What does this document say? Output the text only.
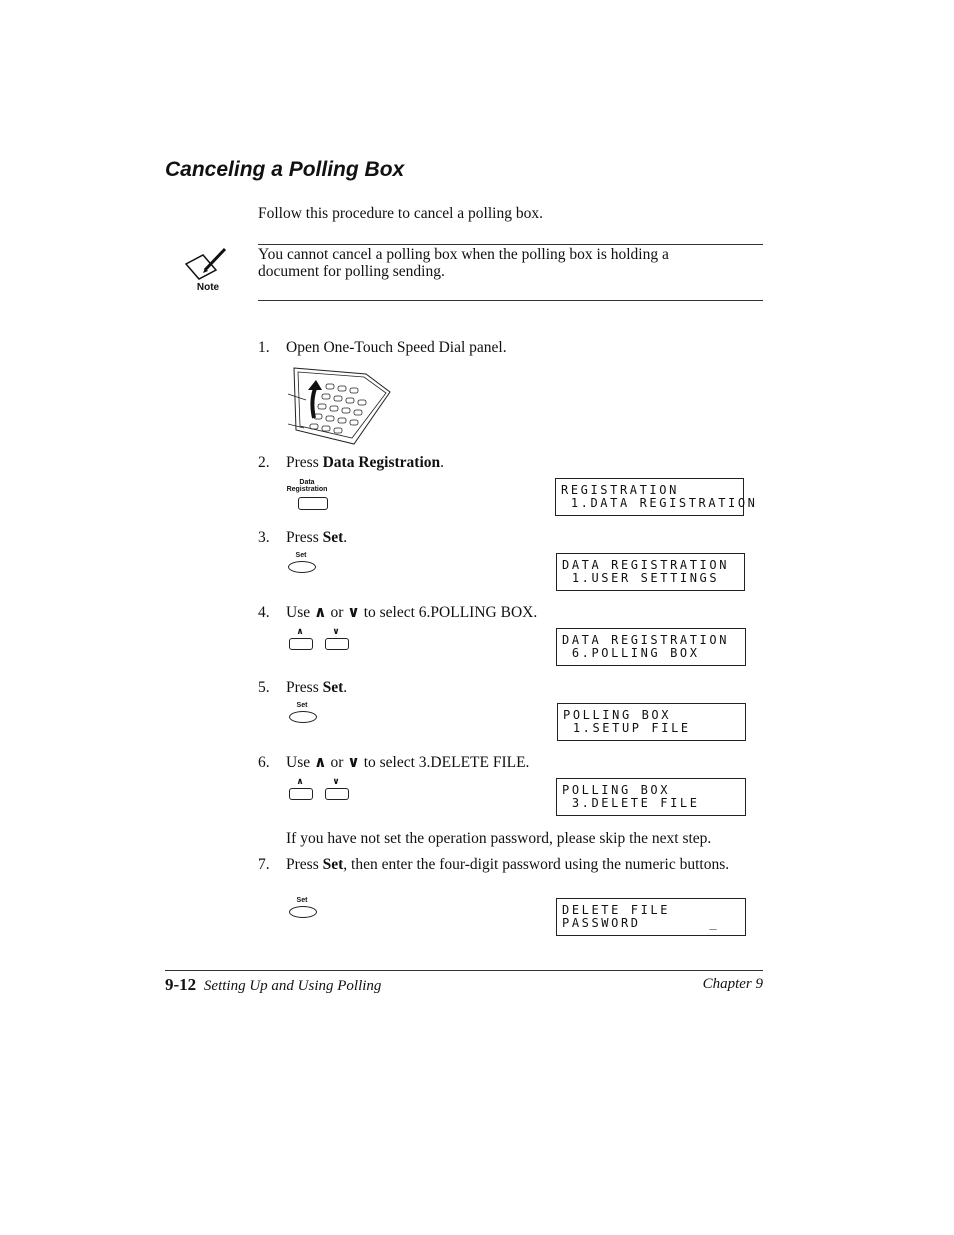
Canceling a Polling Box
Follow this procedure to cancel a polling box.
Note
You cannot cancel a polling box when the polling box is holding a document for polling sending.
1. Open One-Touch Speed Dial panel.
2. Press Data Registration.
Data
Registration	REGISTRATION
1.DATA REGISTRATION
3. Press Set.
Set
DATA REGISTRATION
1.USER SETTINGS
4. Use ∧ or ∨ to select 6.POLLING BOX.
∧	∨
DATA REGISTRATION
6.POLLING BOX
5. Press Set.
Set
POLLING BOX
1.SETUP FILE
6. Use ∧ or ∨ to select 3.DELETE FILE.
∧	∨
POLLING BOX
3.DELETE FILE
If you have not set the operation password, please skip the next step.
7. Press Set, then enter the four-digit password using the numeric buttons.
Set
DELETE FILE
PASSWORD       _
9-12 Setting Up and Using Polling	Chapter 9
